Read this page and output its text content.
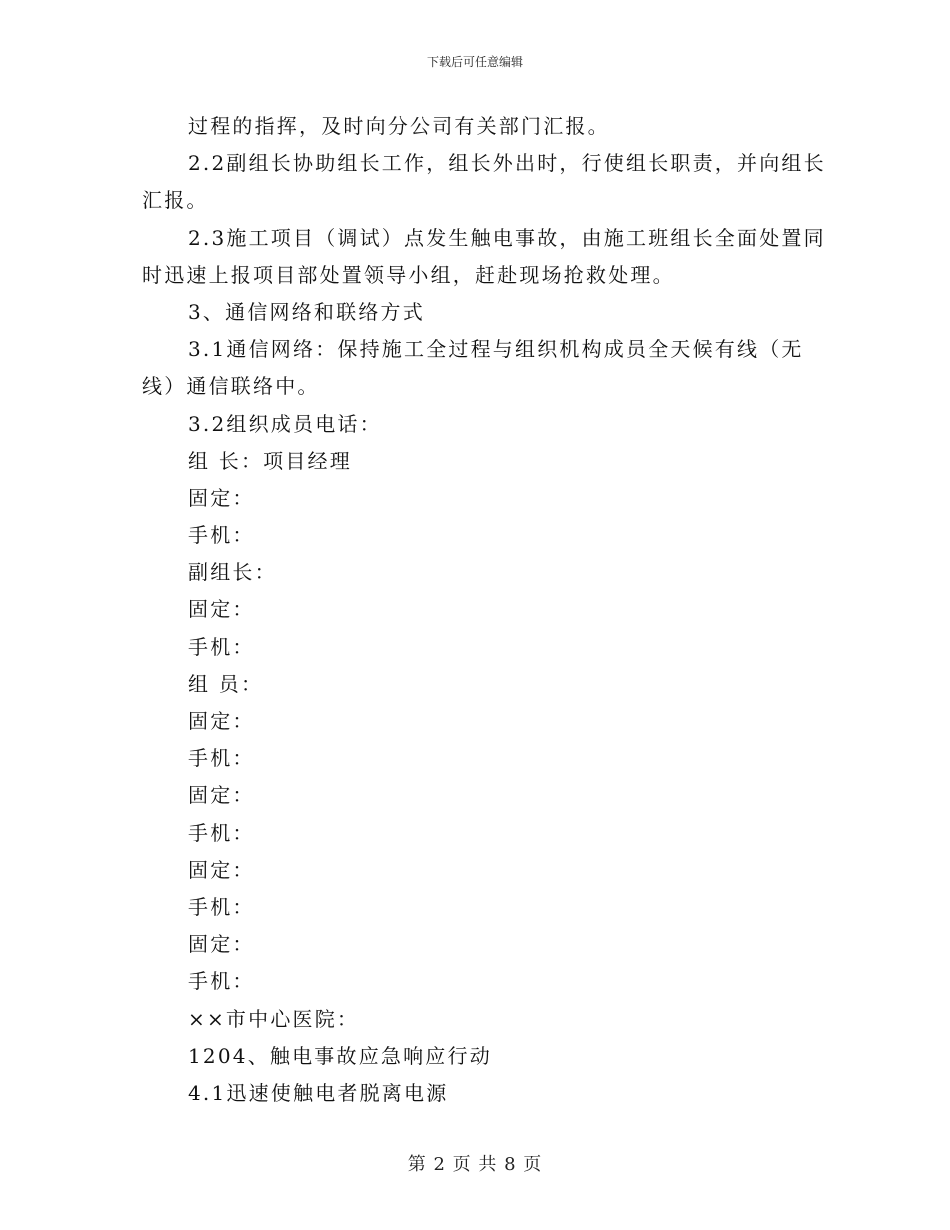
下载后可任意编辑
过程的指挥，及时向分公司有关部门汇报。
2.2副组长协助组长工作，组长外出时，行使组长职责，并向组长
汇报。
2.3施工项目（调试）点发生触电事故，由施工班组长全面处置同
时迅速上报项目部处置领导小组，赶赴现场抢救处理。
3、通信网络和联络方式
3.1通信网络：保持施工全过程与组织机构成员全天候有线（无
线）通信联络中。
3.2组织成员电话：
组 长：项目经理
固定：
手机：
副组长：
固定：
手机：
组 员：
固定：
手机：
固定：
手机：
固定：
手机：
固定：
手机：
××市中心医院：
1204、触电事故应急响应行动
4.1迅速使触电者脱离电源
第 2 页 共 8 页
